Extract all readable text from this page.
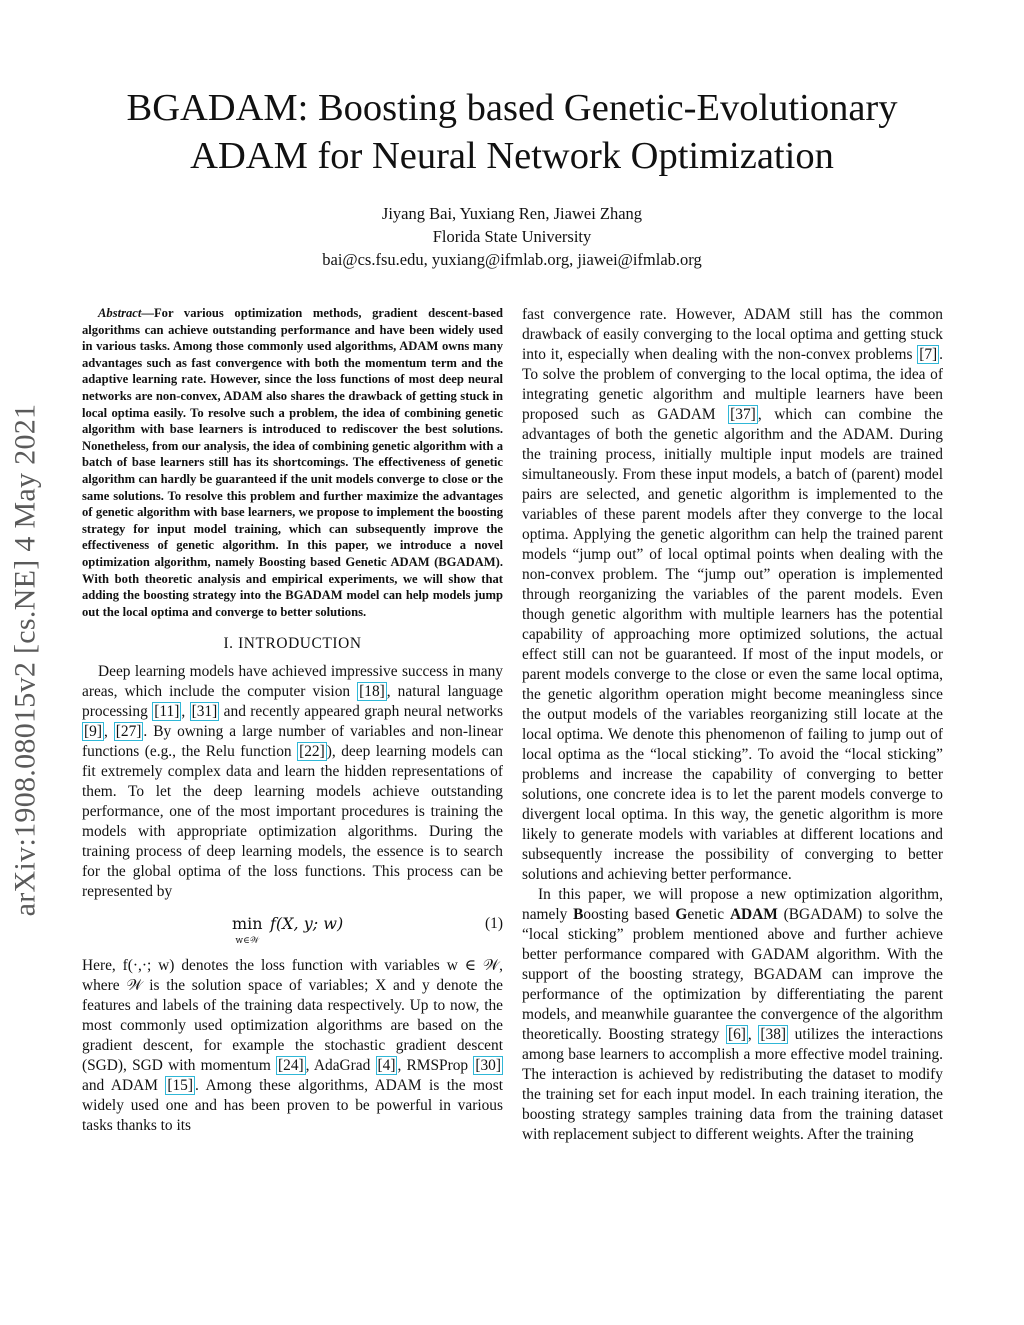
arXiv:1908.08015v2 [cs.NE] 4 May 2021
BGADAM: Boosting based Genetic-Evolutionary
ADAM for Neural Network Optimization
Jiyang Bai, Yuxiang Ren, Jiawei Zhang
Florida State University
bai@cs.fsu.edu, yuxiang@ifmlab.org, jiawei@ifmlab.org

Abstract—For various optimization methods, gradient descent-based algorithms can achieve outstanding performance and have been widely used in various tasks. Among those commonly used algorithms, ADAM owns many advantages such as fast convergence with both the momentum term and the adaptive learning rate. However, since the loss functions of most deep neural networks are non-convex, ADAM also shares the drawback of getting stuck in local optima easily. To resolve such a problem, the idea of combining genetic algorithm with base learners is introduced to rediscover the best solutions. Nonetheless, from our analysis, the idea of combining genetic algorithm with a batch of base learners still has its shortcomings. The effectiveness of genetic algorithm can hardly be guaranteed if the unit models converge to close or the same solutions. To resolve this problem and further maximize the advantages of genetic algorithm with base learners, we propose to implement the boosting strategy for input model training, which can subsequently improve the effectiveness of genetic algorithm. In this paper, we introduce a novel optimization algorithm, namely Boosting based Genetic ADAM (BGADAM). With both theoretic analysis and empirical experiments, we will show that adding the boosting strategy into the BGADAM model can help models jump out the local optima and converge to better solutions.

I. INTRODUCTION

Deep learning models have achieved impressive success in many areas, which include the computer vision [18] , natural language processing [11] , [31] and recently appeared graph neural networks [9] , [27] . By owning a large number of variables and non-linear functions (e.g., the Relu function [22] ), deep learning models can fit extremely complex data and learn the hidden representations of them. To let the deep learning models achieve outstanding performance, one of the most important procedures is training the models with appropriate optimization algorithms. During the training process of deep learning models, the essence is to search for the global optima of the loss functions. This process can be represented by

min
w∈𝒲
f(X, y; w)	(1)

Here, f(·,·; w) denotes the loss function with variables w ∈ 𝒲, where 𝒲 is the solution space of variables; X and y denote the features and labels of the training data respectively. Up to now, the most commonly used optimization algorithms are based on the gradient descent, for example the stochastic gradient descent (SGD), SGD with momentum [24] , AdaGrad [4] , RMSProp [30] and ADAM [15] . Among these algorithms, ADAM is the most widely used one and has been proven to be powerful in various tasks thanks to its

fast convergence rate. However, ADAM still has the common drawback of easily converging to the local optima and getting stuck into it, especially when dealing with the non-convex problems [7] . To solve the problem of converging to the local optima, the idea of integrating genetic algorithm and multiple learners have been proposed such as GADAM [37] , which can combine the advantages of both the genetic algorithm and the ADAM. During the training process, initially multiple input models are trained simultaneously. From these input models, a batch of (parent) model pairs are selected, and genetic algorithm is implemented to the variables of these parent models after they converge to the local optima. Applying the genetic algorithm can help the trained parent models “jump out” of local optimal points when dealing with the non-convex problem. The “jump out” operation is implemented through reorganizing the variables of the parent models. Even though genetic algorithm with multiple learners has the potential capability of approaching more optimized solutions, the actual effect still can not be guaranteed. If most of the input models, or parent models converge to the close or even the same local optima, the genetic algorithm operation might become meaningless since the output models of the variables reorganizing still locate at the local optima. We denote this phenomenon of failing to jump out of local optima as the “local sticking”. To avoid the “local sticking” problems and increase the capability of converging to better solutions, one concrete idea is to let the parent models converge to divergent local optima. In this way, the genetic algorithm is more likely to generate models with variables at different locations and subsequently increase the possibility of converging to better solutions and achieving better performance.

In this paper, we will propose a new optimization algorithm, namely Boosting based Genetic ADAM (BGADAM) to solve the “local sticking” problem mentioned above and further achieve better performance compared with GADAM algorithm. With the support of the boosting strategy, BGADAM can improve the performance of the optimization by differentiating the parent models, and meanwhile guarantee the convergence of the algorithm theoretically. Boosting strategy [6] , [38] utilizes the interactions among base learners to accomplish a more effective model training. The interaction is achieved by redistributing the dataset to modify the training set for each input model. In each training iteration, the boosting strategy samples training data from the training dataset with replacement subject to different weights. After the training
